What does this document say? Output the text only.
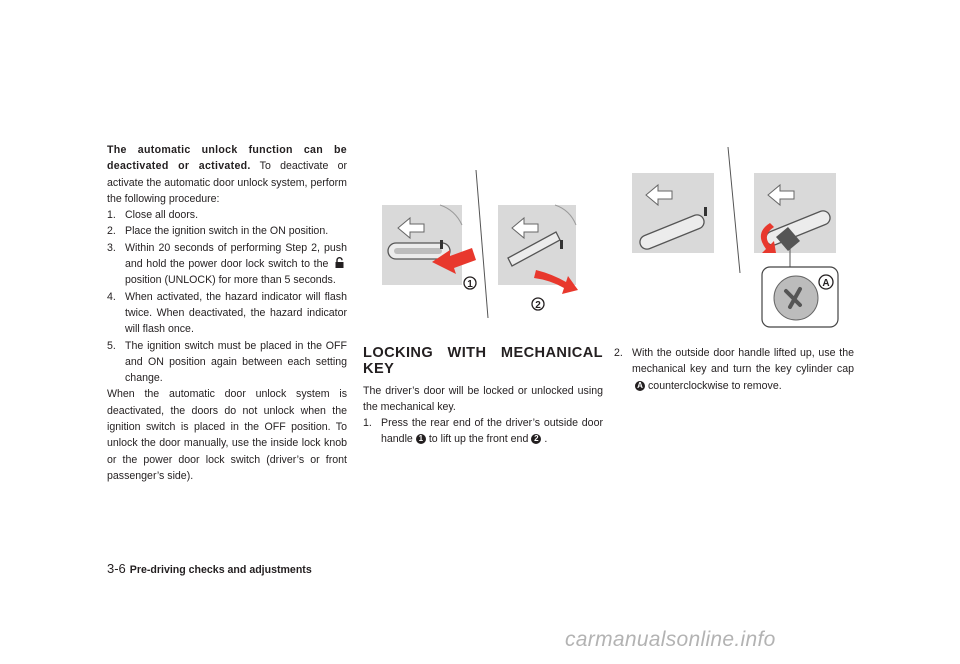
The automatic unlock function can be deactivated or activated. To deactivate or activate the automatic door unlock system, perform the following procedure:
1. Close all doors.
2. Place the ignition switch in the ON position.
3. Within 20 seconds of performing Step 2, push and hold the power door lock switch to the  position (UNLOCK) for more than 5 seconds.
4. When activated, the hazard indicator will flash twice. When deactivated, the hazard indicator will flash once.
5. The ignition switch must be placed in the OFF and ON position again between each setting change.
When the automatic door unlock system is deactivated, the doors do not unlock when the ignition switch is placed in the OFF position. To unlock the door manually, use the inside lock knob or the power door lock switch (driver’s or front passenger’s side).
1
2
LOCKING WITH MECHANICAL KEY
The driver’s door will be locked or unlocked using the mechanical key.
1. Press the rear end of the driver’s outside door handle 1 to lift up the front end 2 .
A
2. With the outside door handle lifted up, use the mechanical key and turn the key cylinder capA counterclockwise to remove.
3-6 Pre-driving checks and adjustments
carmanualsonline.info
